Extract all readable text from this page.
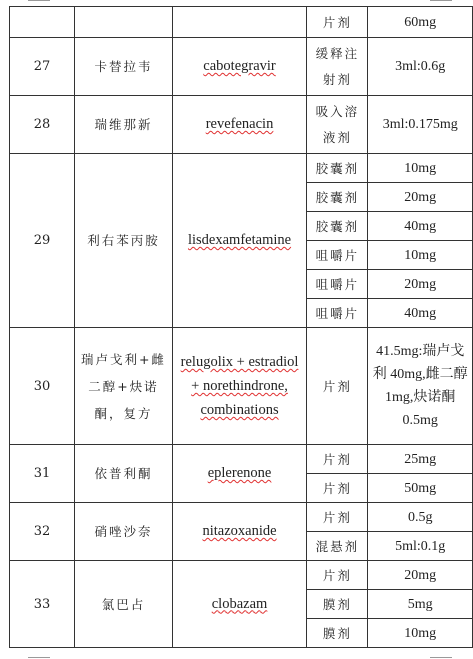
			片剂	60mg
27	卡替拉韦	cabotegravir	缓释注射剂	3ml:0.6g
28	瑞维那新	revefenacin	吸入溶液剂	3ml:0.175mg
29	利右苯丙胺	lisdexamfetamine	胶囊剂	10mg
			胶囊剂	20mg
			胶囊剂	40mg
			咀嚼片	10mg
			咀嚼片	20mg
			咀嚼片	40mg
30	瑞卢戈利+雌二醇+炔诺酮，复方	relugolix + estradiol + norethindrone, combinations	片剂	41.5mg:瑞卢戈利 40mg,雌二醇 1mg,炔诺酮 0.5mg
31	依普利酮	eplerenone	片剂	25mg
			片剂	50mg
32	硝唑沙奈	nitazoxanide	片剂	0.5g
			混悬剂	5ml:0.1g
33	氯巴占	clobazam	片剂	20mg
			膜剂	5mg
			膜剂	10mg
